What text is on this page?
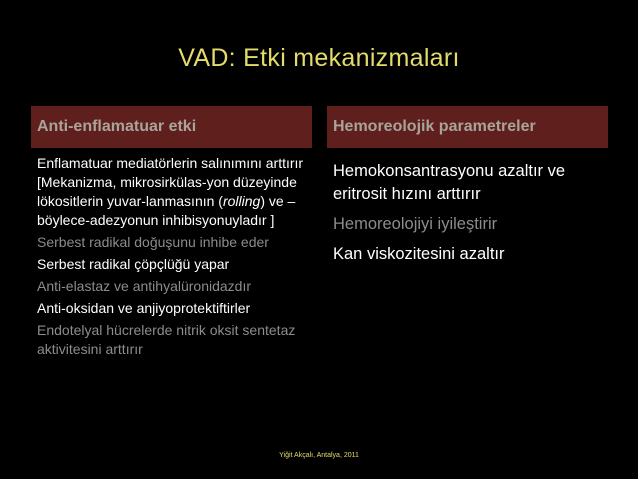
VAD: Etki mekanizmaları
Anti-enflamatuar etki	Hemoreolojik parametreler
Enflamatuar mediatörlerin salınımını arttırır [Mekanizma, mikrosirkülas-yon düzeyinde lökositlerin yuvar-lanmasının (rolling) ve –böylece-adezyonun inhibisyonuyladır ]
Serbest radikal doğuşunu inhibe eder
Serbest radikal çöpçlüğü yapar
Anti-elastaz ve antihyalüronidazdır
Anti-oksidan ve anjiyoprotektiftirler
Endotelyal hücrelerde nitrik oksit sentetaz aktivitesini arttırır
Hemokonsantrasyonu azaltır ve eritrosit hızını arttırır
Hemoreolojiyi iyileştirir
Kan viskozitesini azaltır
Yiğit Akçalı, Antalya, 2011
